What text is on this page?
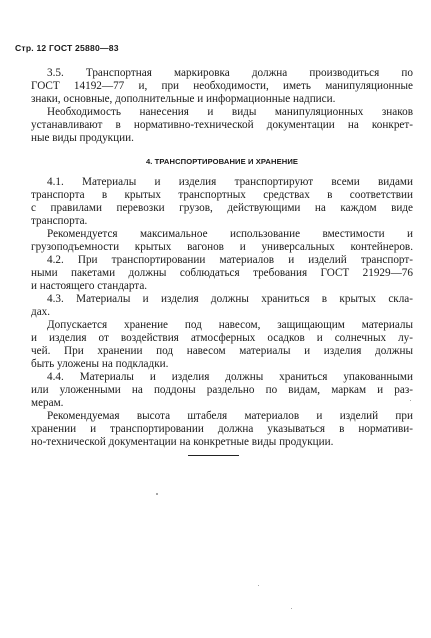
Стр. 12 ГОСТ 25880—83
3.5. Транспортная маркировка должна производиться по
ГОСТ 14192—77 и, при необходимости, иметь манипуляционные
знаки, основные, дополнительные и информационные надписи.
Необходимость нанесения и виды манипуляционных знаков
устанавливают в нормативно-технической документации на конкрет-
ные виды продукции.
4. ТРАНСПОРТИРОВАНИЕ И ХРАНЕНИЕ
4.1. Материалы и изделия транспортируют всеми видами
транспорта в крытых транспортных средствах в соответствии
с правилами перевозки грузов, действующими на каждом виде
транспорта.
Рекомендуется максимальное использование вместимости и
грузоподъемности крытых вагонов и универсальных контейнеров.
4.2. При транспортировании материалов и изделий транспорт-
ными пакетами должны соблюдаться требования ГОСТ 21929—76
и настоящего стандарта.
4.3. Материалы и изделия должны храниться в крытых скла-
дах.
Допускается хранение под навесом, защищающим материалы
и изделия от воздействия атмосферных осадков и солнечных лу-
чей. При хранении под навесом материалы и изделия должны
быть уложены на подкладки.
4.4. Материалы и изделия должны храниться упакованными
или уложенными на поддоны раздельно по видам, маркам и раз-
мерам.
Рекомендуемая высота штабеля материалов и изделий при
хранении и транспортировании должна указываться в нормативи-
но-технической документации на конкретные виды продукции.
